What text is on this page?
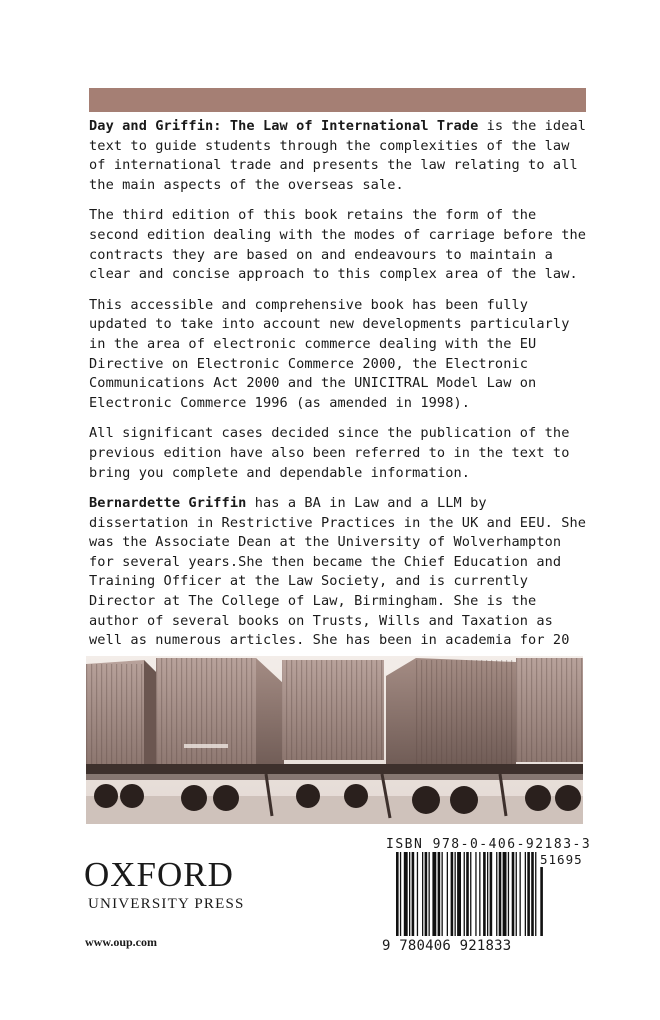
Day and Griffin: The Law of International Trade is the ideal text to guide students through the complexities of the law of international trade and presents the law relating to all the main aspects of the overseas sale.

The third edition of this book retains the form of the second edition dealing with the modes of carriage before the contracts they are based on and endeavours to maintain a clear and concise approach to this complex area of the law.

This accessible and comprehensive book has been fully updated to take into account new developments particularly in the area of electronic commerce dealing with the EU Directive on Electronic Commerce 2000, the Electronic Communications Act 2000 and the UNICITRAL Model Law on Electronic Commerce 1996 (as amended in 1998).

All significant cases decided since the publication of the previous edition have also been referred to in the text to bring you complete and dependable information.

Bernardette Griffin has a BA in Law and a LLM by dissertation in Restrictive Practices in the UK and EEU. She was the Associate Dean at the University of Wolverhampton for several years.She then became the Chief Education and Training Officer at the Law Society, and is currently Director at The College of Law, Birmingham. She is the author of several books on Trusts, Wills and Taxation as well as numerous articles. She has been in academia for 20

OXFORD
UNIVERSITY PRESS
www.oup.com
ISBN 978-0-406-92183-3
51695
9 780406 921833
